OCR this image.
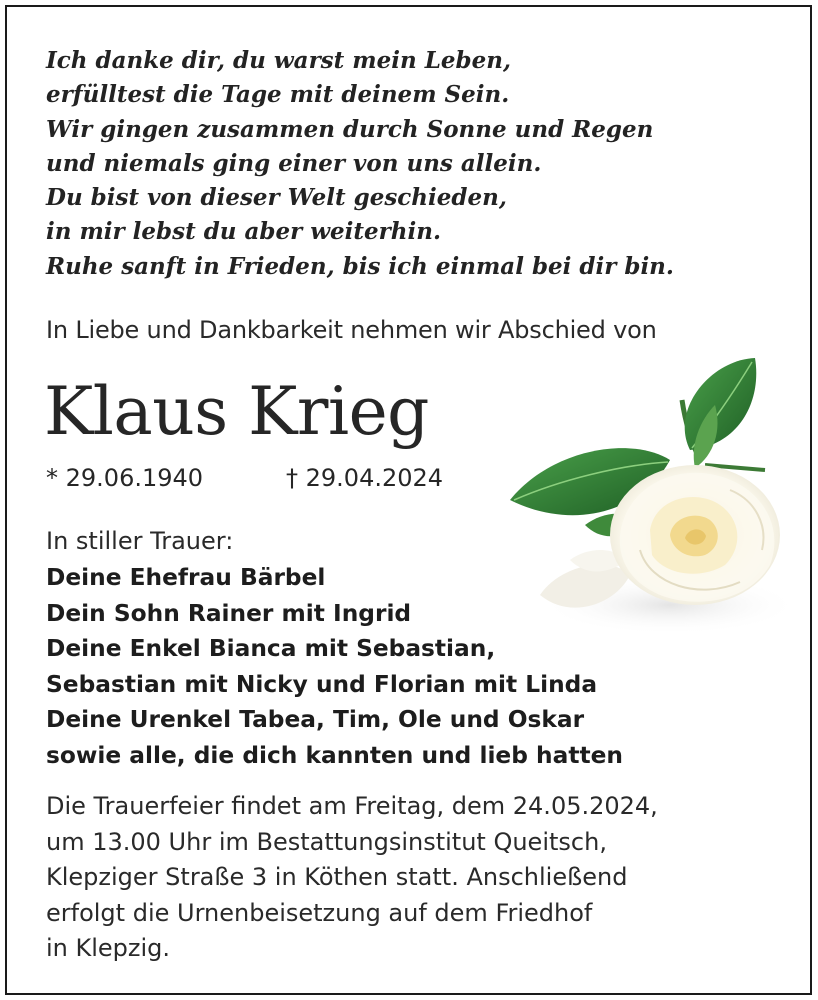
Ich danke dir, du warst mein Leben,
erfülltest die Tage mit deinem Sein.
Wir gingen zusammen durch Sonne und Regen
und niemals ging einer von uns allein.
Du bist von dieser Welt geschieden,
in mir lebst du aber weiterhin.
Ruhe sanft in Frieden, bis ich einmal bei dir bin.
In Liebe und Dankbarkeit nehmen wir Abschied von
Klaus Krieg
* 29.06.1940	† 29.04.2024
In stiller Trauer:
Deine Ehefrau Bärbel
Dein Sohn Rainer mit Ingrid
Deine Enkel Bianca mit Sebastian,
Sebastian mit Nicky und Florian mit Linda
Deine Urenkel Tabea, Tim, Ole und Oskar
sowie alle, die dich kannten und lieb hatten
Die Trauerfeier findet am Freitag, dem 24.05.2024,
um 13.00 Uhr im Bestattungsinstitut Queitsch,
Klepziger Straße 3 in Köthen statt. Anschließend
erfolgt die Urnenbeisetzung auf dem Friedhof
in Klepzig.
